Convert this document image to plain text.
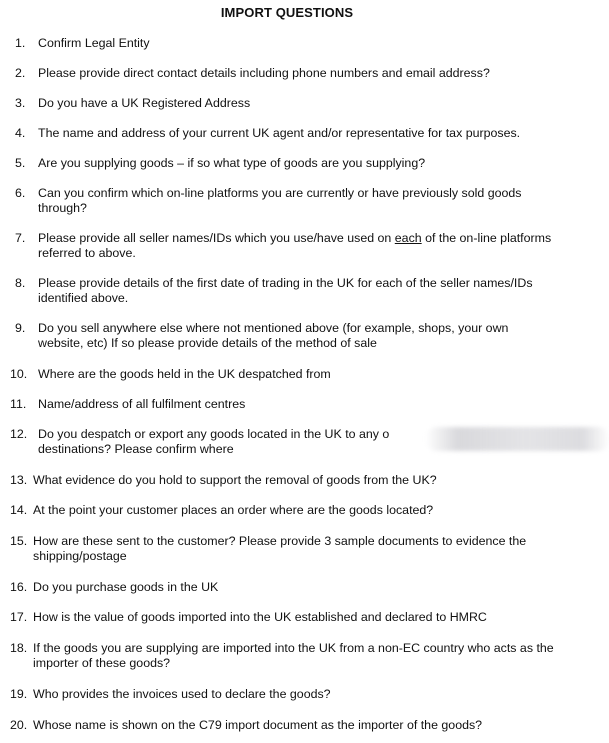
IMPORT QUESTIONS
1. Confirm Legal Entity
2. Please provide direct contact details including phone numbers and email address?
3. Do you have a UK Registered Address
4. The name and address of your current UK agent and/or representative for tax purposes.
5. Are you supplying goods – if so what type of goods are you supplying?
6. Can you confirm which on-line platforms you are currently or have previously sold goods through?
7. Please provide all seller names/IDs which you use/have used on each of the on-line platforms referred to above.
8. Please provide details of the first date of trading in the UK for each of the seller names/IDs identified above.
9. Do you sell anywhere else where not mentioned above (for example, shops, your own website, etc) If so please provide details of the method of sale
10. Where are the goods held in the UK despatched from
11. Name/address of all fulfilment centres
12. Do you despatch or export any goods located in the UK to any o
destinations? Please confirm where
13. What evidence do you hold to support the removal of goods from the UK?
14. At the point your customer places an order where are the goods located?
15. How are these sent to the customer? Please provide 3 sample documents to evidence the shipping/postage
16. Do you purchase goods in the UK
17. How is the value of goods imported into the UK established and declared to HMRC
18. If the goods you are supplying are imported into the UK from a non-EC country who acts as the importer of these goods?
19. Who provides the invoices used to declare the goods?
20. Whose name is shown on the C79 import document as the importer of the goods?
